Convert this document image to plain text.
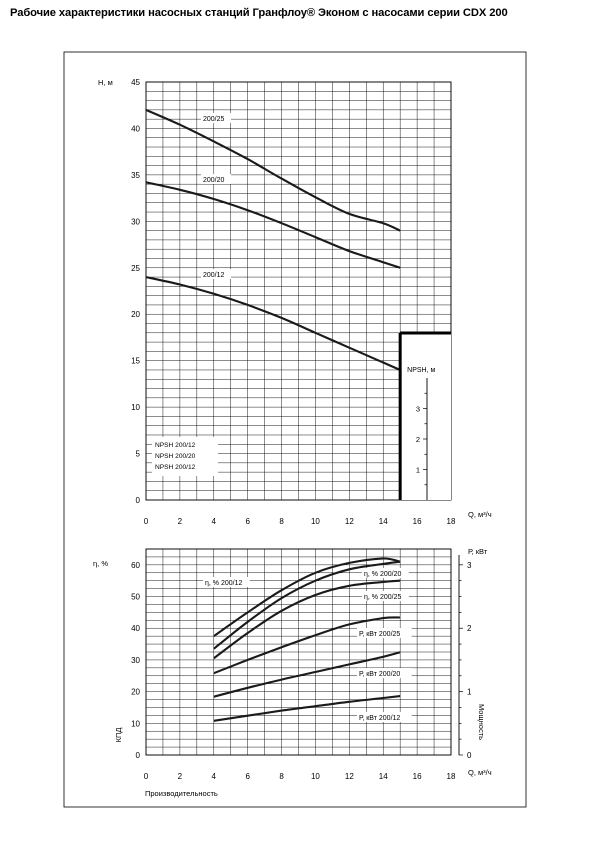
Рабочие характеристики насосных станций Гранфлоу® Эконом с насосами серии CDX 200
0	2	4	6	8	10	12	14	16	18
0
5
10
15
20
25
30
35
40
45
H, м
Q, м³/ч
200/25
200/20
200/12
NPSH 200/12
NPSH 200/20
NPSH 200/12
NPSH, м
1
2
3
0	2	4	6	8	10	12	14	16	18
0
10
20
30
40
50
60
0
1
2
3
η, %
Р, кВт
Q, м³/ч
Производительность
КПД	Мощность
η, % 200/12
η, % 200/20
η, % 200/25
Р, кВт 200/25
Р, кВт 200/20
Р, кВт 200/12
